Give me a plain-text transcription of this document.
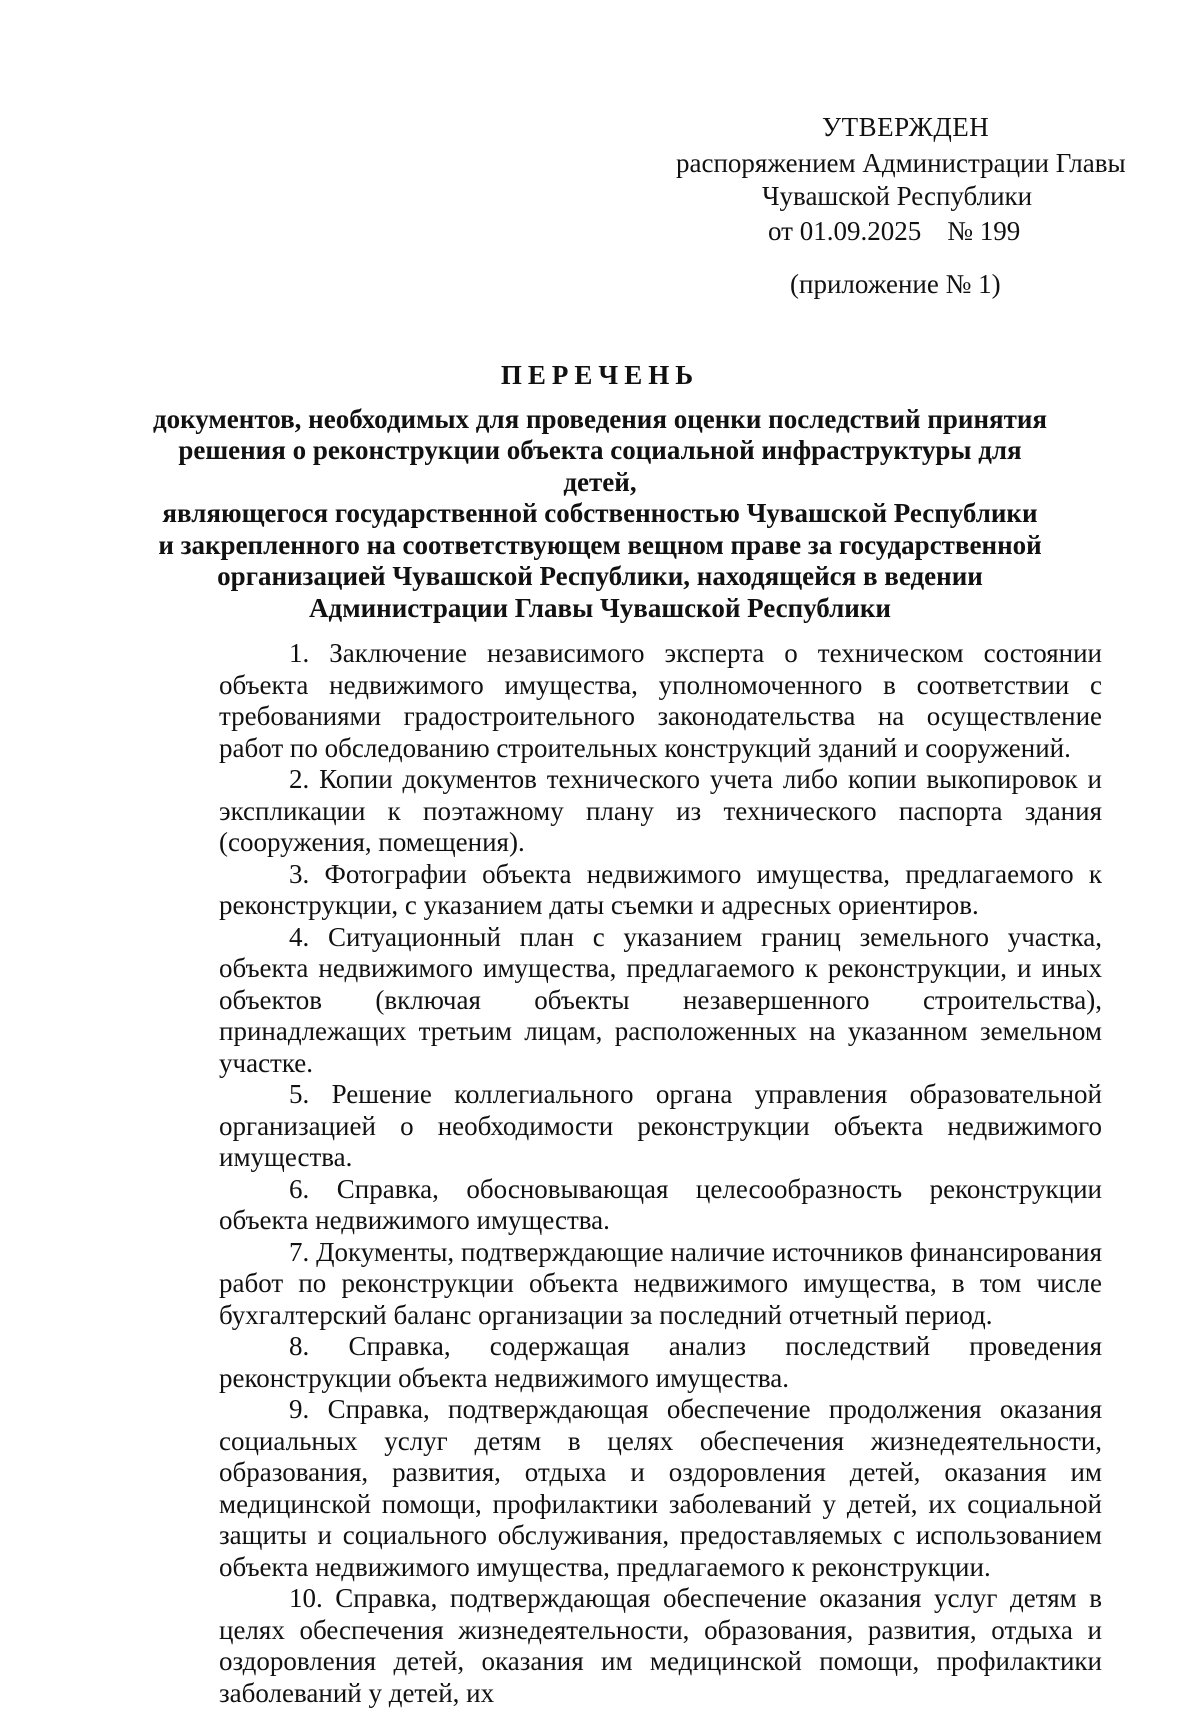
УТВЕРЖДЕН
распоряжением Администрации Главы
Чувашской Республики
от 01.09.2025 № 199
(приложение № 1)
ПЕРЕЧЕНЬ
документов, необходимых для проведения оценки последствий принятия
решения о реконструкции объекта социальной инфраструктуры для детей,
являющегося государственной собственностью Чувашской Республики
и закрепленного на соответствующем вещном праве за государственной
организацией Чувашской Республики, находящейся в ведении
Администрации Главы Чувашской Республики

1. Заключение независимого эксперта о техническом состоянии объекта недвижимого имущества, уполномоченного в соответствии с требованиями градостроительного законодательства на осуществление работ по обследованию строительных конструкций зданий и сооружений.

2. Копии документов технического учета либо копии выкопировок и экспликации к поэтажному плану из технического паспорта здания (сооружения, помещения).

3. Фотографии объекта недвижимого имущества, предлагаемого к реконструкции, с указанием даты съемки и адресных ориентиров.

4. Ситуационный план с указанием границ земельного участка, объекта недвижимого имущества, предлагаемого к реконструкции, и иных объектов (включая объекты незавершенного строительства), принадлежащих третьим лицам, расположенных на указанном земельном участке.

5. Решение коллегиального органа управления образовательной организацией о необходимости реконструкции объекта недвижимого имущества.

6. Справка, обосновывающая целесообразность реконструкции объекта недвижимого имущества.

7. Документы, подтверждающие наличие источников финансирования работ по реконструкции объекта недвижимого имущества, в том числе бухгалтерский баланс организации за последний отчетный период.

8. Справка, содержащая анализ последствий проведения реконструкции объекта недвижимого имущества.

9. Справка, подтверждающая обеспечение продолжения оказания социальных услуг детям в целях обеспечения жизнедеятельности, образования, развития, отдыха и оздоровления детей, оказания им медицинской помощи, профилактики заболеваний у детей, их социальной защиты и социального обслуживания, предоставляемых с использованием объекта недвижимого имущества, предлагаемого к реконструкции.

10. Справка, подтверждающая обеспечение оказания услуг детям в целях обеспечения жизнедеятельности, образования, развития, отдыха и оздоровления детей, оказания им медицинской помощи, профилактики заболеваний у детей, их
